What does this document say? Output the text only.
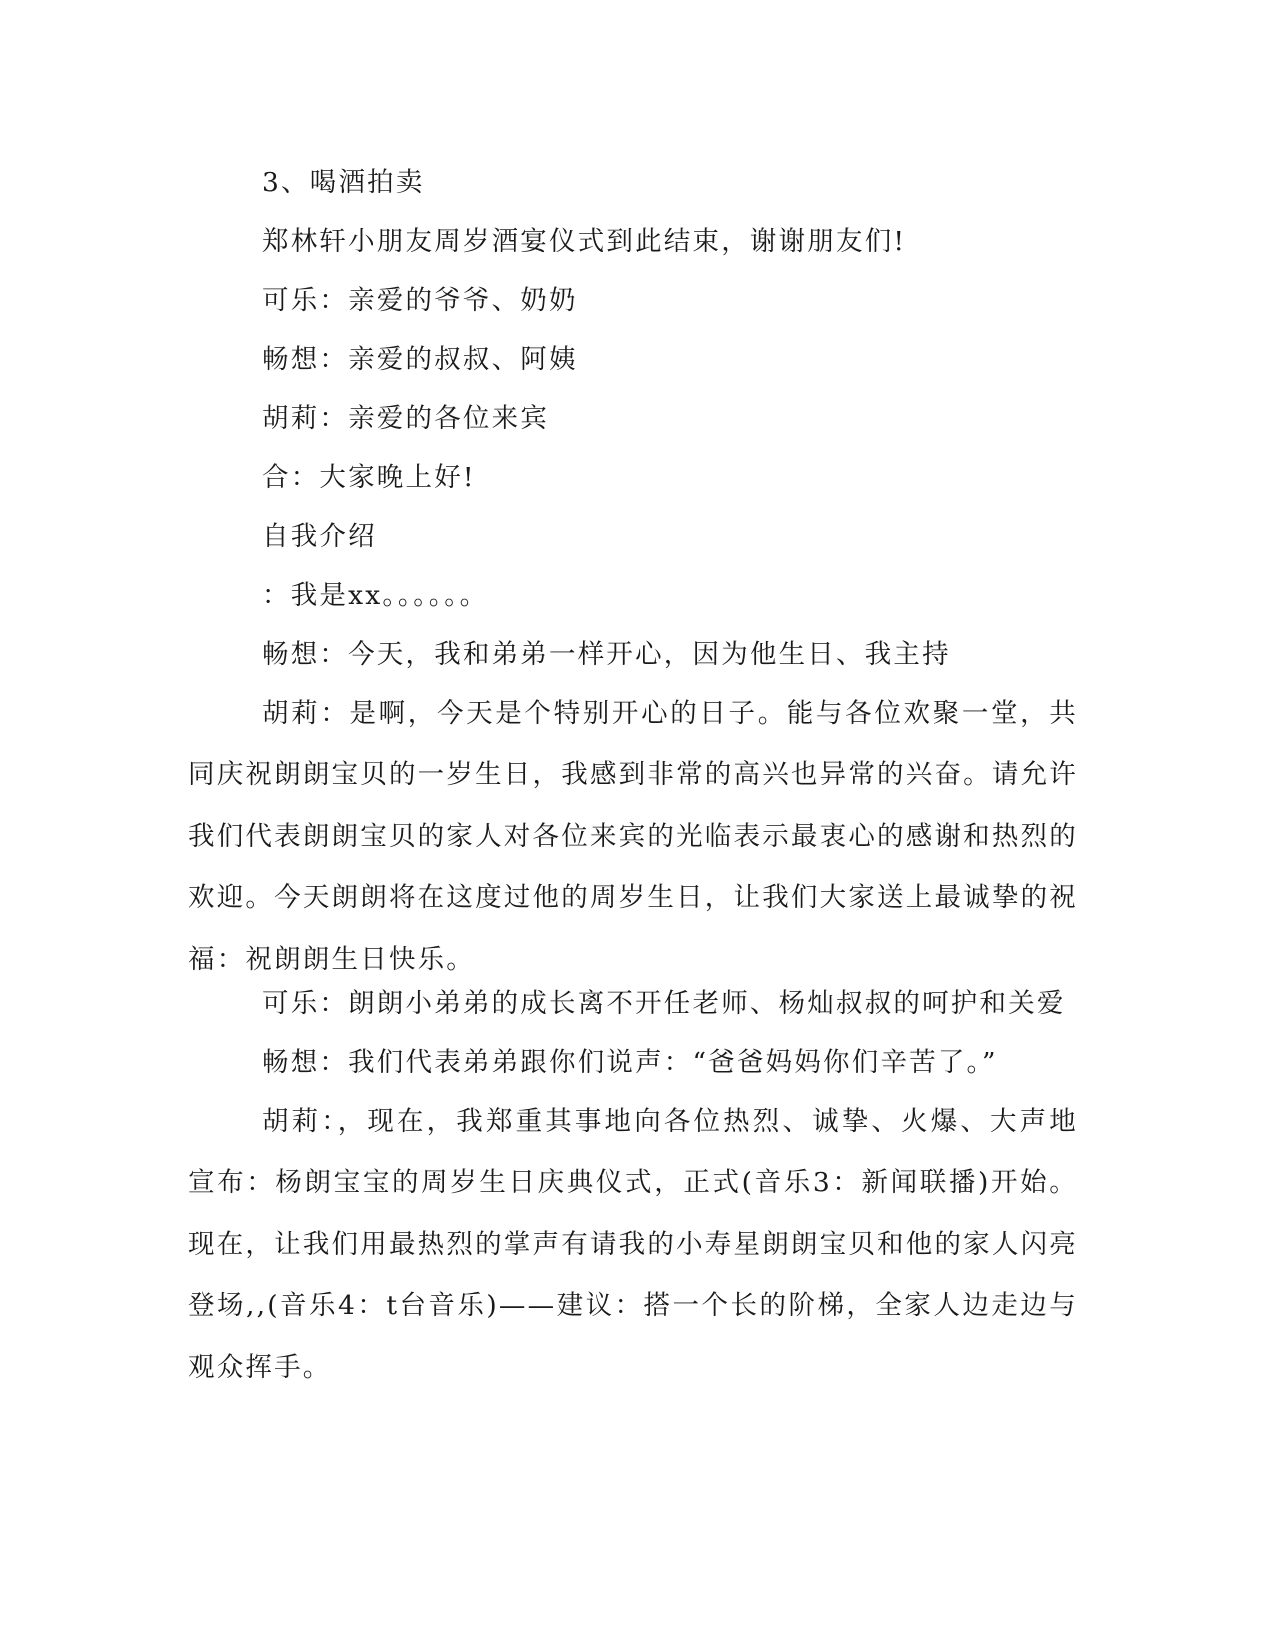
3、喝酒拍卖
郑林轩小朋友周岁酒宴仪式到此结束，谢谢朋友们!
可乐：亲爱的爷爷、奶奶
畅想：亲爱的叔叔、阿姨
胡莉：亲爱的各位来宾
合：大家晚上好!
自我介绍
：我是xx。。。。。。
畅想：今天，我和弟弟一样开心，因为他生日、我主持

胡莉：是啊，今天是个特别开心的日子。能与各位欢聚一堂，共同庆祝朗朗宝贝的一岁生日，我感到非常的高兴也异常的兴奋。请允许我们代表朗朗宝贝的家人对各位来宾的光临表示最衷心的感谢和热烈的欢迎。今天朗朗将在这度过他的周岁生日，让我们大家送上最诚挚的祝福：祝朗朗生日快乐。

可乐：朗朗小弟弟的成长离不开任老师、杨灿叔叔的呵护和关爱
畅想：我们代表弟弟跟你们说声：“爸爸妈妈你们辛苦了。”

胡莉：，现在，我郑重其事地向各位热烈、诚挚、火爆、大声地宣布：杨朗宝宝的周岁生日庆典仪式，正式(音乐3：新闻联播)开始。现在，让我们用最热烈的掌声有请我的小寿星朗朗宝贝和他的家人闪亮登场,,(音乐4：t台音乐)——建议：搭一个长的阶梯，全家人边走边与观众挥手。
